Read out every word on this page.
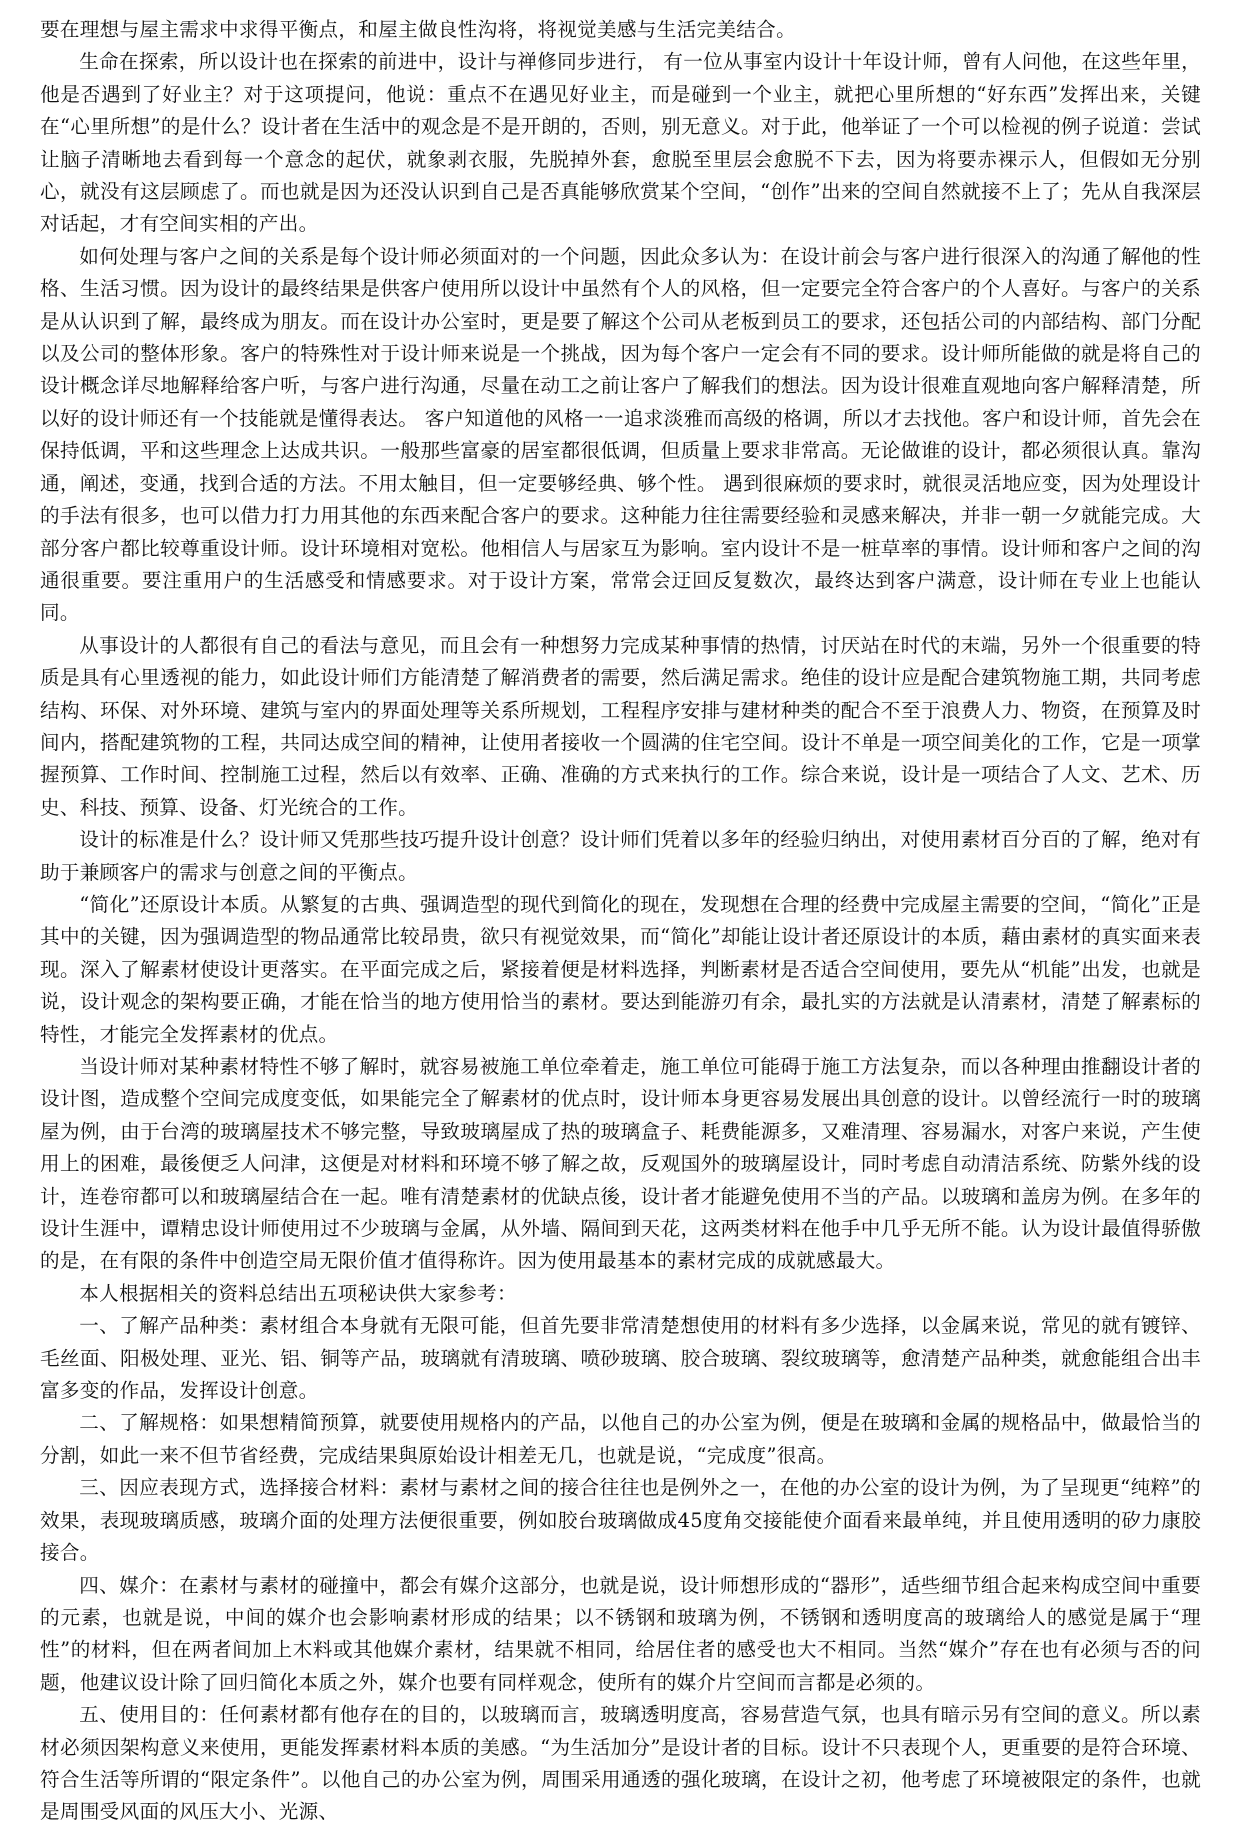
要在理想与屋主需求中求得平衡点，和屋主做良性沟将，将视觉美感与生活完美结合。

生命在探索，所以设计也在探索的前进中，设计与禅修同步进行， 有一位从事室内设计十年设计师，曾有人问他，在这些年里，他是否遇到了好业主？对于这项提问，他说：重点不在遇见好业主，而是碰到一个业主，就把心里所想的“好东西”发挥出来，关键在“心里所想”的是什么？设计者在生活中的观念是不是开朗的，否则，别无意义。对于此，他举证了一个可以检视的例子说道：尝试让脑子清晰地去看到每一个意念的起伏，就象剥衣服，先脱掉外套，愈脱至里层会愈脱不下去，因为将要赤裸示人，但假如无分别心，就没有这层顾虑了。而也就是因为还没认识到自己是否真能够欣赏某个空间，“创作”出来的空间自然就接不上了；先从自我深层对话起，才有空间实相的产出。

如何处理与客户之间的关系是每个设计师必须面对的一个问题，因此众多认为：在设计前会与客户进行很深入的沟通了解他的性格、生活习惯。因为设计的最终结果是供客户使用所以设计中虽然有个人的风格，但一定要完全符合客户的个人喜好。与客户的关系是从认识到了解，最终成为朋友。而在设计办公室时，更是要了解这个公司从老板到员工的要求，还包括公司的内部结构、部门分配以及公司的整体形象。客户的特殊性对于设计师来说是一个挑战，因为每个客户一定会有不同的要求。设计师所能做的就是将自己的设计概念详尽地解释给客户听，与客户进行沟通，尽量在动工之前让客户了解我们的想法。因为设计很难直观地向客户解释清楚，所以好的设计师还有一个技能就是懂得表达。 客户知道他的风格一一追求淡雅而高级的格调，所以才去找他。客户和设计师，首先会在保持低调，平和这些理念上达成共识。一般那些富豪的居室都很低调，但质量上要求非常高。无论做谁的设计，都必须很认真。靠沟通，阐述，变通，找到合适的方法。不用太触目，但一定要够经典、够个性。 遇到很麻烦的要求时，就很灵活地应变，因为处理设计的手法有很多，也可以借力打力用其他的东西来配合客户的要求。这种能力往往需要经验和灵感来解决，并非一朝一夕就能完成。大部分客户都比较尊重设计师。设计环境相对宽松。他相信人与居家互为影响。室内设计不是一桩草率的事情。设计师和客户之间的沟通很重要。要注重用户的生活感受和情感要求。对于设计方案，常常会迂回反复数次，最终达到客户满意，设计师在专业上也能认同。

从事设计的人都很有自己的看法与意见，而且会有一种想努力完成某种事情的热情，讨厌站在时代的末端，另外一个很重要的特质是具有心里透视的能力，如此设计师们方能清楚了解消费者的需要，然后满足需求。绝佳的设计应是配合建筑物施工期，共同考虑结构、环保、对外环境、建筑与室内的界面处理等关系所规划，工程程序安排与建材种类的配合不至于浪费人力、物资，在预算及时间内，搭配建筑物的工程，共同达成空间的精神，让使用者接收一个圆满的住宅空间。设计不单是一项空间美化的工作，它是一项掌握预算、工作时间、控制施工过程，然后以有效率、正确、准确的方式来执行的工作。综合来说，设计是一项结合了人文、艺术、历史、科技、预算、设备、灯光统合的工作。

设计的标准是什么？设计师又凭那些技巧提升设计创意？设计师们凭着以多年的经验归纳出，对使用素材百分百的了解，绝对有助于兼顾客户的需求与创意之间的平衡点。

“简化”还原设计本质。从繁复的古典、强调造型的现代到简化的现在，发现想在合理的经费中完成屋主需要的空间，“简化”正是其中的关键，因为强调造型的物品通常比较昂贵，欲只有视觉效果，而“简化”却能让设计者还原设计的本质，藉由素材的真实面来表现。深入了解素材使设计更落实。在平面完成之后，紧接着便是材料选择，判断素材是否适合空间使用，要先从“机能”出发，也就是说，设计观念的架构要正确，才能在恰当的地方使用恰当的素材。要达到能游刃有余，最扎实的方法就是认清素材，清楚了解素标的特性，才能完全发挥素材的优点。

当设计师对某种素材特性不够了解时，就容易被施工单位牵着走，施工单位可能碍于施工方法复杂，而以各种理由推翻设计者的设计图，造成整个空间完成度变低，如果能完全了解素材的优点时，设计师本身更容易发展出具创意的设计。以曾经流行一时的玻璃屋为例，由于台湾的玻璃屋技术不够完整，导致玻璃屋成了热的玻璃盒子、耗费能源多，又难清理、容易漏水，对客户来说，产生使用上的困难，最後便乏人问津，这便是对材料和环境不够了解之故，反观国外的玻璃屋设计，同时考虑自动清洁系统、防紫外线的设计，连卷帘都可以和玻璃屋结合在一起。唯有清楚素材的优缺点後，设计者才能避免使用不当的产品。以玻璃和盖房为例。在多年的设计生涯中，谭精忠设计师使用过不少玻璃与金属，从外墙、隔间到天花，这两类材料在他手中几乎无所不能。认为设计最值得骄傲的是，在有限的条件中创造空局无限价值才值得称许。因为使用最基本的素材完成的成就感最大。

本人根据相关的资料总结出五项秘诀供大家参考：

一、了解产品种类：素材组合本身就有无限可能，但首先要非常清楚想使用的材料有多少选择，以金属来说，常见的就有镀锌、毛丝面、阳极处理、亚光、铝、铜等产品，玻璃就有清玻璃、喷砂玻璃、胶合玻璃、裂纹玻璃等，愈清楚产品种类，就愈能组合出丰富多变的作品，发挥设计创意。

二、了解规格：如果想精简预算，就要使用规格内的产品，以他自己的办公室为例，便是在玻璃和金属的规格品中，做最恰当的分割，如此一来不但节省经费，完成结果與原始设计相差无几，也就是说，“完成度”很高。

三、因应表现方式，选择接合材料：素材与素材之间的接合往往也是例外之一，在他的办公室的设计为例，为了呈现更“纯粹”的效果，表现玻璃质感，玻璃介面的处理方法便很重要，例如胶台玻璃做成45度角交接能使介面看来最单纯，并且使用透明的矽力康胶接合。

四、媒介：在素材与素材的碰撞中，都会有媒介这部分，也就是说，设计师想形成的“器形”，适些细节组合起来构成空间中重要的元素，也就是说，中间的媒介也会影响素材形成的结果；以不锈钢和玻璃为例，不锈钢和透明度高的玻璃给人的感觉是属于“理性”的材料，但在两者间加上木料或其他媒介素材，结果就不相同，给居住者的感受也大不相同。当然“媒介”存在也有必须与否的问题，他建议设计除了回归简化本质之外，媒介也要有同样观念，使所有的媒介片空间而言都是必须的。

五、使用目的：任何素材都有他存在的目的，以玻璃而言，玻璃透明度高，容易营造气氛，也具有暗示另有空间的意义。所以素材必须因架构意义来使用，更能发挥素材料本质的美感。“为生活加分”是设计者的目标。设计不只表现个人，更重要的是符合环境、符合生活等所谓的“限定条件”。以他自己的办公室为例，周围采用通透的强化玻璃，在设计之初，他考虑了环境被限定的条件，也就是周围受风面的风压大小、光源、
